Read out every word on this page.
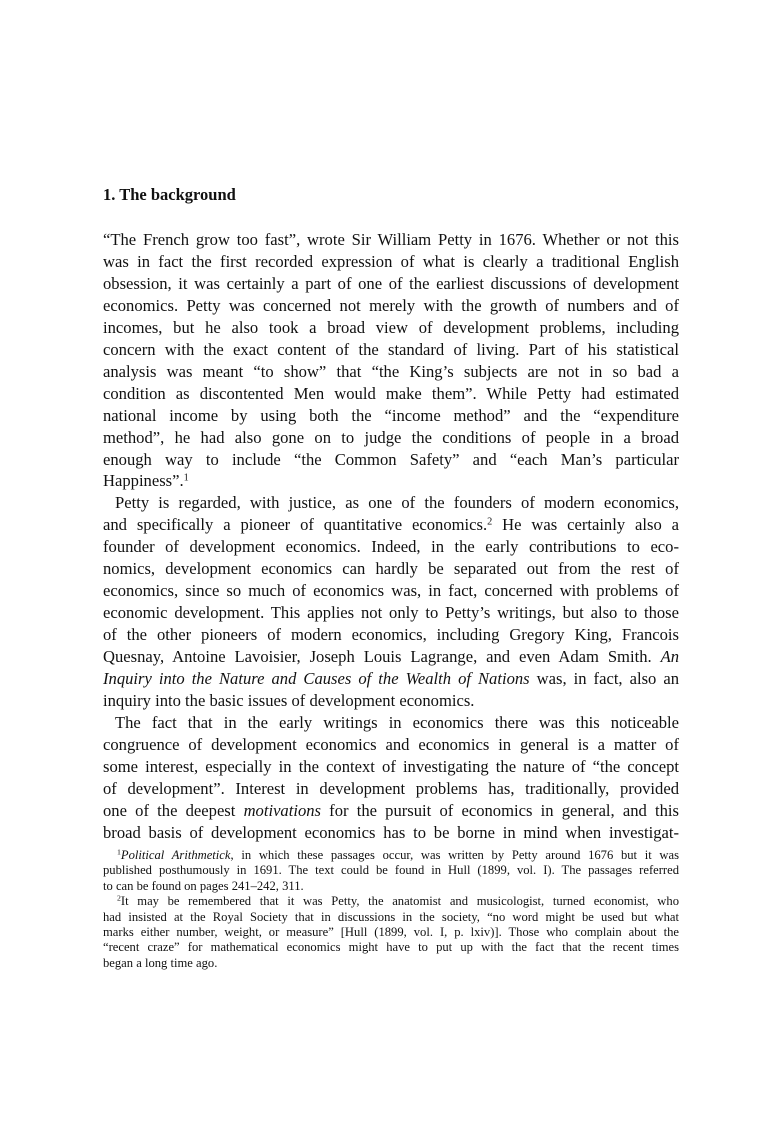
1. The background
“The French grow too fast”, wrote Sir William Petty in 1676. Whether or not this
was in fact the first recorded expression of what is clearly a traditional English
obsession, it was certainly a part of one of the earliest discussions of development
economics. Petty was concerned not merely with the growth of numbers and of
incomes, but he also took a broad view of development problems, including
concern with the exact content of the standard of living. Part of his statistical
analysis was meant “to show” that “the King’s subjects are not in so bad a
condition as discontented Men would make them”. While Petty had estimated
national income by using both the “income method” and the “expenditure
method”, he had also gone on to judge the conditions of people in a broad
enough way to include “the Common Safety” and “each Man’s particular
Happiness”.$^1$
Petty is regarded, with justice, as one of the founders of modern economics,
and specifically a pioneer of quantitative economics.$^2$ He was certainly also a
founder of development economics. Indeed, in the early contributions to eco-
nomics, development economics can hardly be separated out from the rest of
economics, since so much of economics was, in fact, concerned with problems of
economic development. This applies not only to Petty’s writings, but also to those
of the other pioneers of modern economics, including Gregory King, Francois
Quesnay, Antoine Lavoisier, Joseph Louis Lagrange, and even Adam Smith. An
Inquiry into the Nature and Causes of the Wealth of Nations was, in fact, also an
inquiry into the basic issues of development economics.
The fact that in the early writings in economics there was this noticeable
congruence of development economics and economics in general is a matter of
some interest, especially in the context of investigating the nature of “the concept
of development”. Interest in development problems has, traditionally, provided
one of the deepest motivations for the pursuit of economics in general, and this
broad basis of development economics has to be borne in mind when investigat-
$^1$Political Arithmetick, in which these passages occur, was written by Petty around 1676 but it was
published posthumously in 1691. The text could be found in Hull (1899, vol. I). The passages referred
to can be found on pages 241–242, 311.
$^2$It may be remembered that it was Petty, the anatomist and musicologist, turned economist, who
had insisted at the Royal Society that in discussions in the society, “no word might be used but what
marks either number, weight, or measure” [Hull (1899, vol. I, p. lxiv)]. Those who complain about the
“recent craze” for mathematical economics might have to put up with the fact that the recent times
began a long time ago.
